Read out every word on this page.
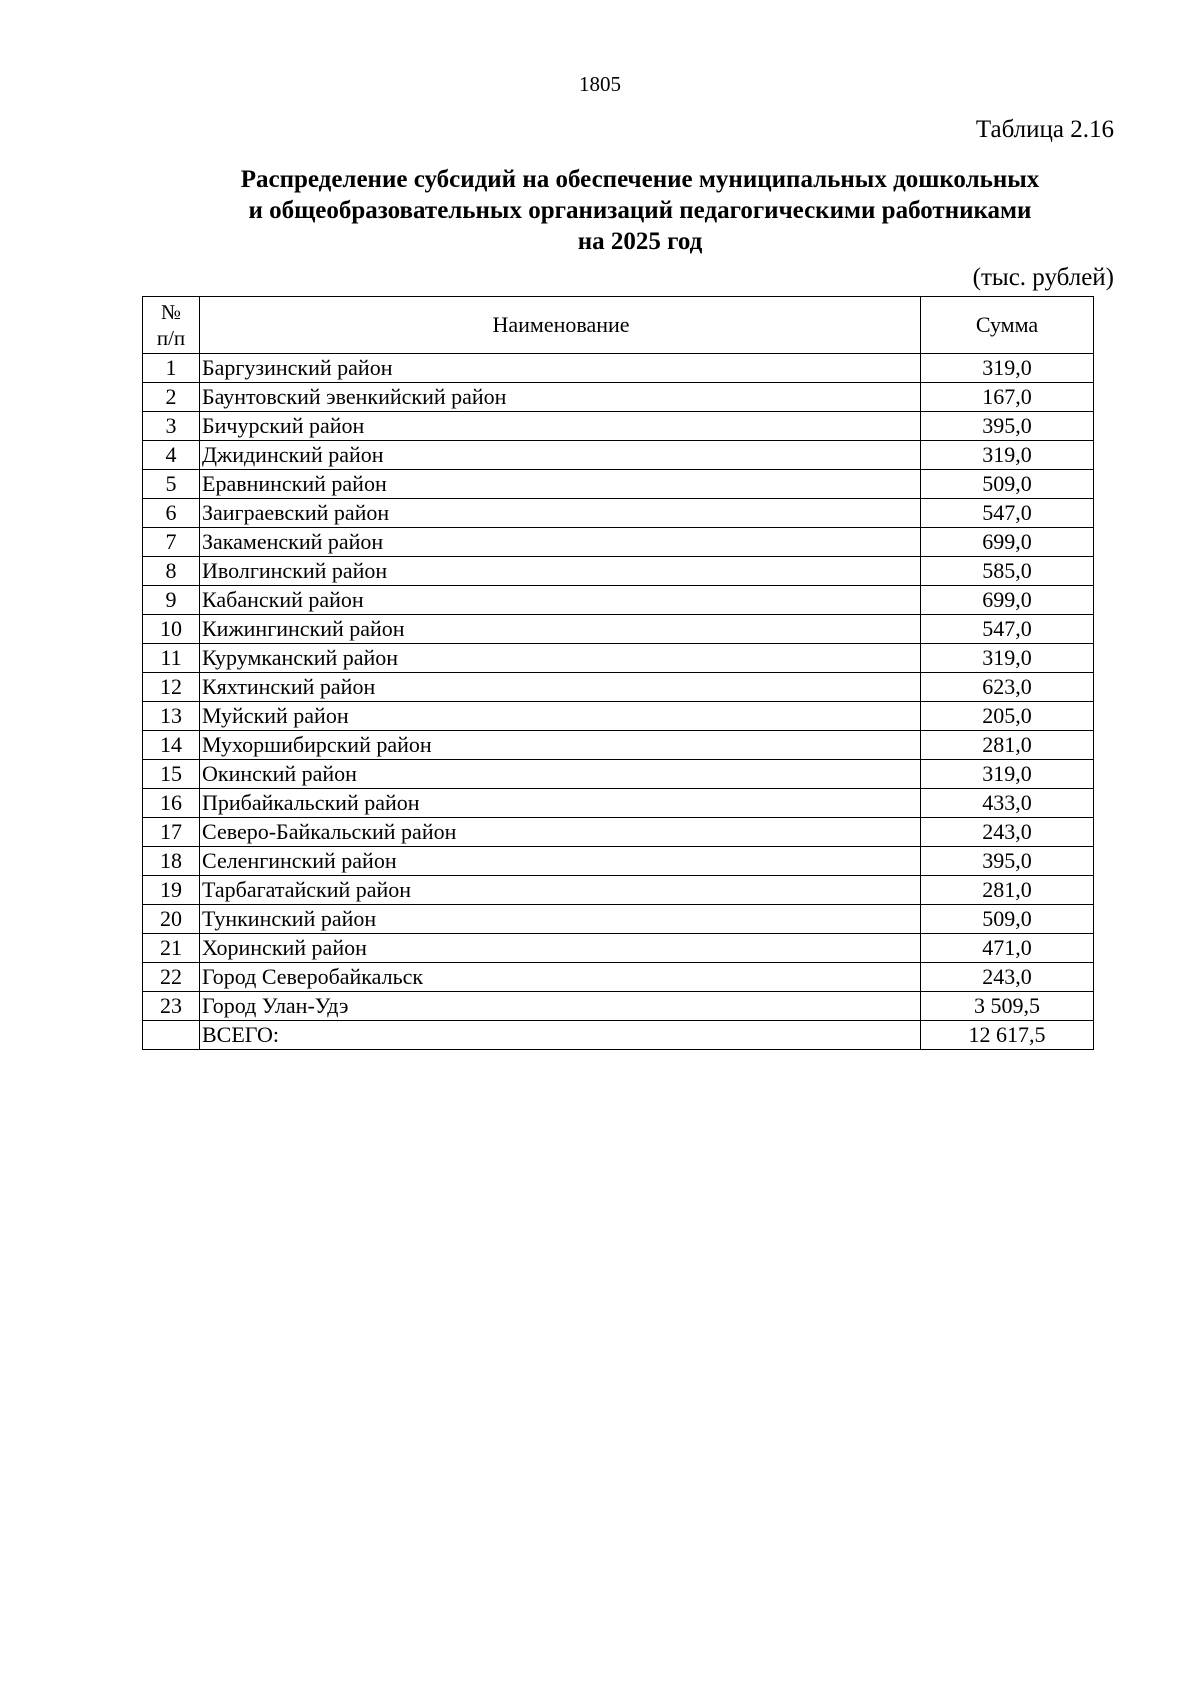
1805
Таблица 2.16
Распределение субсидий на обеспечение муниципальных дошкольных
и общеобразовательных организаций педагогическими работниками
на 2025 год
(тыс. рублей)
№
п/п	Наименование	Сумма
1	Баргузинский район	319,0
2	Баунтовский эвенкийский район	167,0
3	Бичурский район	395,0
4	Джидинский район	319,0
5	Еравнинский район	509,0
6	Заиграевский район	547,0
7	Закаменский район	699,0
8	Иволгинский район	585,0
9	Кабанский район	699,0
10	Кижингинский район	547,0
11	Курумканский район	319,0
12	Кяхтинский район	623,0
13	Муйский район	205,0
14	Мухоршибирский район	281,0
15	Окинский район	319,0
16	Прибайкальский район	433,0
17	Северо-Байкальский район	243,0
18	Селенгинский район	395,0
19	Тарбагатайский район	281,0
20	Тункинский район	509,0
21	Хоринский район	471,0
22	Город Северобайкальск	243,0
23	Город Улан-Удэ	3 509,5
	ВСЕГО:	12 617,5
